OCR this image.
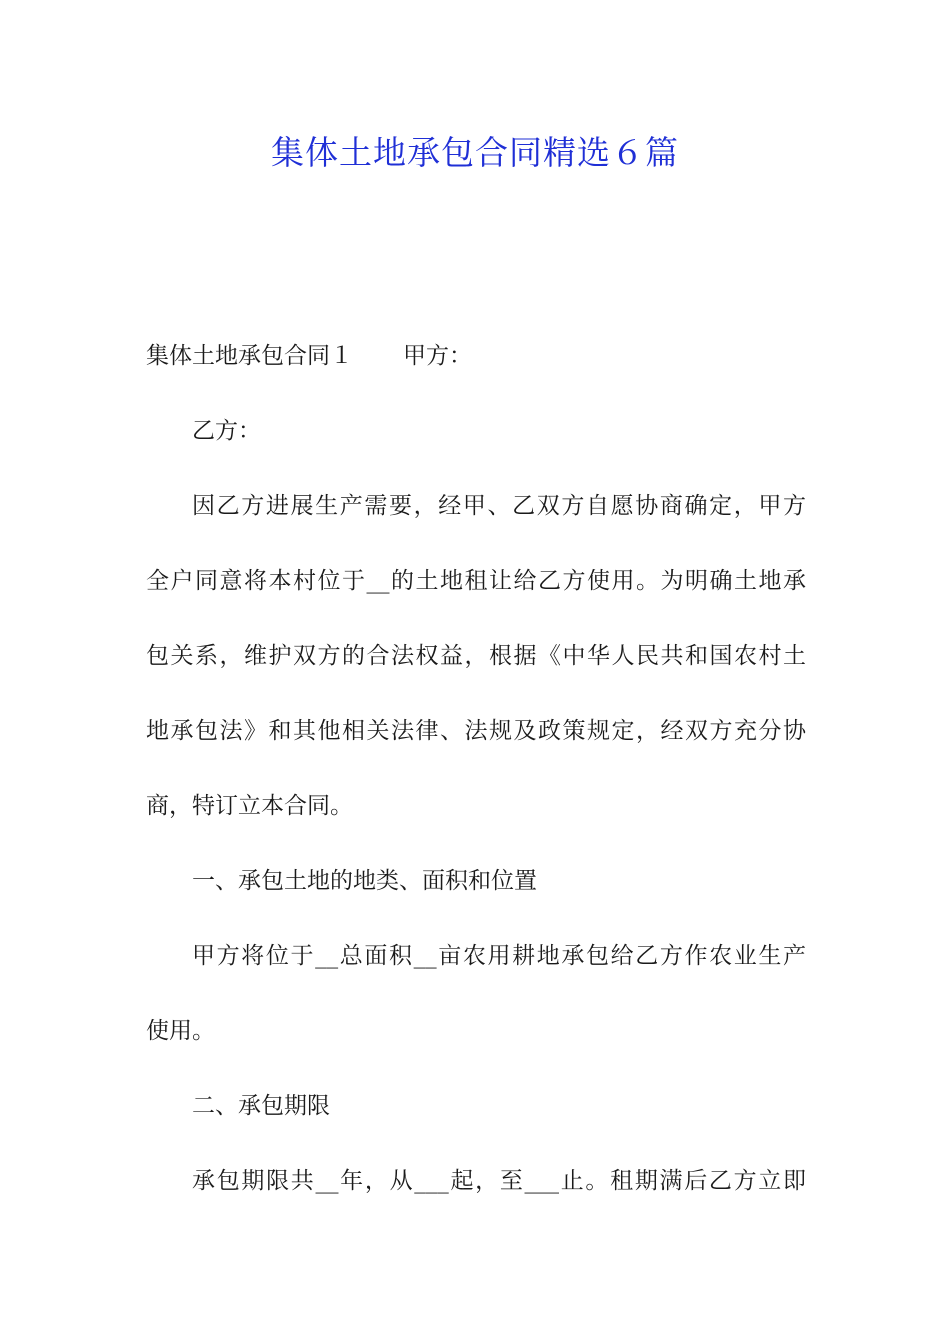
集体土地承包合同精选６篇
集体土地承包合同１ 甲方：
乙方：
因乙方进展生产需要，经甲、乙双方自愿协商确定，甲方
全户同意将本村位于__的土地租让给乙方使用。为明确土地承
包关系，维护双方的合法权益，根据《中华人民共和国农村土
地承包法》和其他相关法律、法规及政策规定，经双方充分协
商，特订立本合同。
一、承包土地的地类、面积和位置
甲方将位于__总面积__亩农用耕地承包给乙方作农业生产
使用。
二、承包期限
承包期限共__年，从___起，至___止。租期满后乙方立即
